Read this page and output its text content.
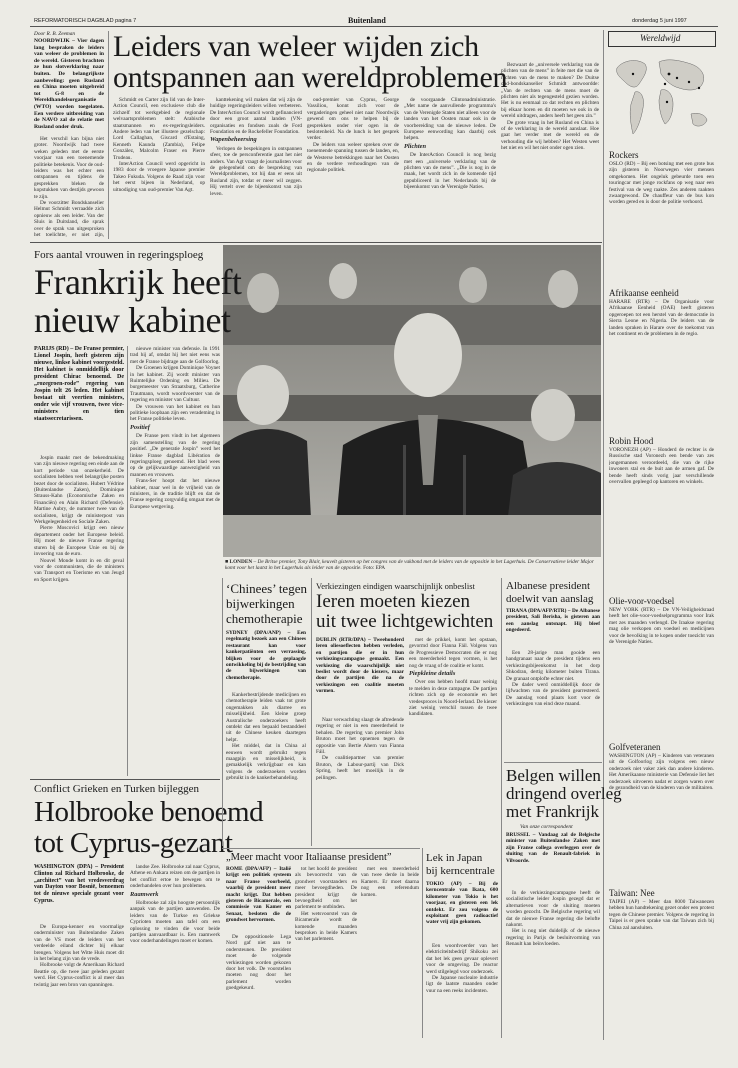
REFORMATORISCH DAGBLAD pagina 7	Buitenland	donderdag 5 juni 1997
Door R. B. Zeeman
NOORDWIJK – Vier dagen lang bespraken de leiders van weleer de problemen in de wereld. Gisteren brachten ze hun slotverklaring naar buiten. De belangrijkste aanbeveling: geen Rusland en China moeten uitgebreid tot G-8 en de Wereldhandelsorganisatie (WTO) worden toegelaten. Een verdere uitbreiding van de NAVO zal de relatie met Rusland onder druk.

Het verschil kan bijna niet groter. Noordwijk had twee weken geleden met de eerste voorjaar van een toenemende politieke betekenis. Voor de oud-leiders was het echter een ontspannen en tijdens de gesprekken bleken de kopstukken van destijds gewoon te zijn.

De voorzitter Bondskanselier Helmut Schmidt verraadde zich opnieuw als een leider. Van der Sluis in Duitsland, die sprak over de sprak van uitgesproken het toelichtte, er niet zijn,

Leiders van weleer wijden zich
ontspannen aan wereldproblemen

Schmidt en Carter zijn lid van de Inter-Action Council, een exclusieve club die zichzelf tot werkgebied de regionale welvaartsproblemen stelt: Arabische staatsmannen en ex-regeringsleiders. Andere leden van het illustere gezelschap: Lord Callaghan, Giscard d'Estaing, Kenneth Kaunda (Zambia), Felipe González, Malcolm Fraser en Pierre Trudeau.

InterAction Council werd opgericht in 1983 door de vroegere Japanse premier Takeo Fukuda. Volgens de Raad zijn voor het eerst bijeen in Nederland, op uitnodiging van oud-premier Van Agt.

kanttekening wil maken dat wij zijn de huidige regeringsleiders willen verbeteren. De InterAction Council wordt gefinancierd door een groot aantal landen (VN-organisaties en fondsen zoals de Ford Foundation en de Rockefeller Foundation.

Wapenbeheersing

Verlopen de bespekingen in ontspannen sfeer, toe de persconferentie gaat het niet anders. Van Agt vraagt de journalisten voor de gelegenheid om de bespreking van Wereldproblemen, tot hij dan er eens uit Rusland zijn, totdat er meer wil zeggen. Hij vertelt over de bijeenkomst van zijn leven.

oud-premier van Cyprus, George Vassiliou, konnt zich voor de vergaderingen geheel niet naar Noordwijk gewend om ons te helpen bij de gesprekken onder vier ogen in de beslotenheid. Na de lunch is het gesprek verder.

De leiders van weleer spreken over de toenemende spanning tussen de landen, en, de Westerse betrekkingen naar het Oosten en de verdere verhoudingen van de regionale politiek.

de voorgaande Clintonadministratie. „Met name de aanvullende programma's van de Verenigde Staten niet alleen voor de landen van het Oosten maar ook in de voorbereiding van de nieuwe leden. De Europese eenwording kan daarbij ook helpen.

Plichten

De InterAction Council is nog bezig met een „universele verklaring van de plichten van de mens”. „Die is nog in de maak, het wordt zich in de komende tijd gepubliceerd in het Nederlands bij de bijeenkomst van de Verenigde Naties.

Bezwaart de „universele verklaring van de plichten van de mens” in feite met die van de rechten van de mens te maken? De Duitse oud-bondskanselier Schmidt antwoordde: „Van de rechten van de mens moet de plichten niet als tegengesteld gezien worden. Het is nu eenmaal zo dat rechten en plichten bij elkaar horen en dit moeten we ook in de wereld uitdragen, anders heeft het geen zin.”

De grote vraag in het Rusland en China is of de verklaring in de wereld aanslaat. Hoe gaat het verder met de wereld en de verhouding die wij hebben? Het Westen weet het niet en wil het niet onder ogen zien.

Wereldwijd
Rockers
OSLO (RD) – Bij een botsing met een grote bus zijn gisteren in Noorwegen vier mensen omgekomen. Het ongeluk gebeurde toen een touringcar met jonge rockfans op weg naar een festival van de weg raakte. Zes anderen raakten zwaargewond. De chauffeur van de bus kon worden gered en is door de politie verhoord.
Afrikaanse eenheid
HARARE (RTR) – De Organisatie voor Afrikaanse Eenheid (OAE) heeft gisteren opgeroepen tot een herstel van de democratie in Sierra Leone en Nigeria. De leiders van de landen spraken in Harare over de toekomst van het continent en de problemen in de regio.
Robin Hood
VORONEZH (AP) – Honderd de rechter is de Russische stad Voronezh een bende van zes jongemannen veroordeeld, die van de rijke inwoners stal en de buit aan de armen gaf. De bende heeft sinds vorig jaar verschillende overvallen gepleegd op kantoren en winkels.
Olie-voor-voedsel
NEW YORK (RTR) – De VN-Veiligheidsraad heeft het olie-voor-voedselprogramma voor Irak met zes maanden verlengd. De Iraakse regering mag olie verkopen om voedsel en medicijnen voor de bevolking in te kopen onder toezicht van de Verenigde Naties.
Golfveteranen
WASHINGTON (AP) – Kinderen van veteranen uit de Golfoorlog zijn volgens een nieuw onderzoek niet vaker ziek dan andere kinderen. Het Amerikaanse ministerie van Defensie liet het onderzoek uitvoeren nadat er zorgen waren over de gezondheid van de kinderen van de militairen.
Taiwan: Nee
TAIPEI (AP) – Meer dan 8000 Taiwanezen hebben hun handtekening gezet onder een protest tegen de Chinese premier. Volgens de regering in Taipei is er geen sprake van dat Taiwan zich bij China zal aansluiten.
■ LONDEN – De Britse premier, Tony Blair, keuvelt gisteren op het congres van de vakbond met de leiders van de oppositie in het Lagerhuis. De Conservatieve leider Major komt voor het laatst in het Lagerhuis als leider van de oppositie. Foto: EPA
Fors aantal vrouwen in regeringsploeg
Frankrijk heeft
nieuw kabinet
PARIJS (RD) – De Franse premier, Lionel Jospin, heeft gisteren zijn nieuwe, linkse kabinet voorgesteld. Het kabinet is onmiddellijk door president Chirac benoemd. De „rozegroen-rode” regering van Jospin telt 26 leden. Het kabinet bestaat uit veertien ministers, onder wie vijf vrouwen, twee vice-ministers en tien staatssecretarissen.

Jospin maakt met de bekendmaking van zijn nieuwe regering een einde aan de kort periode van onzekerheid. De socialisten hebben veel belangrijke posten bezet door de socialisten. Hubert Védrine (Buitenlandse Zaken), Dominique Strauss-Kahn (Economische Zaken en Financiën) en Alain Richard (Defensie). Martine Aubry, de nummer twee van de socialisten, krijgt de ministerpost van Werkgelegenheid en Sociale Zaken.

Pierre Moscovici krijgt een nieuw departement onder het Europese beleid. Hij moet de nieuwe Franse regering sturen bij de Europese Unie en bij de invoering van de euro.

Nouvel Monde komt in en dit geval voor de communisten, die de ministers van Transport en Toerisme en van Jeugd en Sport krijgen.

nieuwe minister van defensie. In 1991 trad hij af, omdat hij het niet eens was met de Franse bijdrage aan de Golfoorlog.

De Groenen krijgen Dominique Voynet in het kabinet. Zij wordt minister van Ruimtelijke Ordening en Milieu. De burgemeester van Straatsburg, Catherine Trautmann, wordt woordvoerster van de regering en minister van Cultuur.

De vrouwen van het kabinet en hun politieke loopbaan zijn een verademing in het Franse politieke leven.

Positief

De Franse pers vindt in het algemeen zijn samenstelling van de regering positief. „De generatie Jospin” werd het linkse Franse dagblad Libération de regeringsploeg genoemd. Het blad wees op de gelijkwaardige aanwezigheid van mannen en vrouwen.

Frans-Ser hoopt dat het nieuwe kabinet, maar wel in de vrijheid van de ministers, in de traditie blijft en dat de Franse regering zorgvuldig omgaat met de Europese wetgeving.

Conflict Grieken en Turken bijleggen
Holbrooke benoemd
tot Cyprus-gezant
WASHINGTON (DPA) – President Clinton zal Richard Holbrooke, de „architect” van het vredesverdrag van Dayton voor Bosnië, benoemen tot de nieuwe speciale gezant voor Cyprus.

De Europa-kenner en voormalige onderminister van Buitenlandse Zaken van de VS moet de leiders van het verdeelde eiland dichter bij elkaar brengen. Volgens het Witte Huis moet dit in het belang zijn van de vrede.

Holbrooke volgt de Amerikaan Richard Beattie op, die twee jaar geleden gezant werd. Het Cyprus-conflict is al meer dan twintig jaar een bron van spanningen.

landse Zee. Holbrooke zal naar Cyprus, Athene en Ankara reizen om de partijen in het conflict ertoe te bewegen om te onderhandelen over hun problemen.

Raamwerk

Holbrooke zal zijn hoogste persoonlijk aanpak van de partijen aanwenden. De leiders van de Turkse en Griekse Cyprioten moeten aan tafel om een oplossing te vinden die voor beide partijen aanvaardbaar is. Een raamwerk voor onderhandelingen moet er komen.

‘Chinees’ tegen
bijwerkingen
chemotherapie
SYDNEY (DPA/ANP) – Een regelmatig bezoek aan een Chinees restaurant kan voor kankerpatiënten een verrassing, blijken voor de geplaagde ontwikkeling bij de bestrijding van de bijwerkingen van chemotherapie.

Kankerbestrijdende medicijnen en chemotherapie leiden vaak tot grote ongemakken als diarree en misselijkheid. Een kleine groep Australische onderzoekers heeft ontdekt dat een bepaald bestanddeel uit de Chinese keuken daartegen helpt.

Het middel, dat in China al eeuwen wordt gebruikt tegen maagpijn en misselijkheid, is gemakkelijk verkrijgbaar en kan volgens de onderzoekers worden gebruikt in de kankerbehandeling.

Verkiezingen eindigen waarschijnlijk onbeslist
Ieren moeten kiezen
uit twee lichtgewichten
DUBLIN (RTR/DPA) – Tweehonderd leren oliesoeflecten hebben verleden, en partijen die er in hun verkiezingscampagne gemaakt. Een verkiezing die waarschijnlijk niet beslist wordt door de kiezers, maar door de partijen die na de verkiezingen een coalitie moeten vormen.

Naar verwachting slaagt de aftredende regering er niet in een meerderheid te behalen. De regering van premier John Bruton moet het opnemen tegen de oppositie van Bertie Ahern van Fianna Fáil.

De coalitiepartner van premier Bruton, de Labour-partij van Dick Spring, heeft het moeilijk in de peilingen.

met de prikkel, komt het opstaan, gevormd door Fianna Fáil. Volgens van de Progressieve Democraten die er nog een meerderheid tegen vormen, is het nog de vraag of de coalitie er komt.

Piepkleine details

Over ons hebben hoofd maar weinig te melden in deze campagne. De partijen richten zich op de economie en het vredesproces in Noord-Ierland. De kiezer ziet weinig verschil tussen de twee kandidaten.

Albanese president
doelwit van aanslag
TIRANA (DPA/AFP/RTR) – De Albanese president, Sali Berisha, is gisteren aan een aanslag ontsnapt. Hij bleef ongedeerd.

Een 28-jarige man gooide een handgranaat naar de president tijdens een verkiezingsbijeenkomst in het dorp Shkodran, dertig kilometer buiten Tirana. De granaat ontplofte echter niet.

De dader werd onmiddellijk door de lijfwachten van de president gearresteerd. De aanslag vond plaats kort voor de verkiezingen van eind deze maand.

Belgen willen
dringend overleg
met Frankrijk
Van onze correspondent
BRUSSEL – Vandaag zal de Belgische minister van Buitenlandse Zaken met zijn Franse collega overleggen over de sluiting van de Renault-fabriek in Vilvoorde.

In de verkiezingscampagne heeft de socialistische leider Jospin gezegd dat er alternatieven voor de sluiting moeten worden gezocht. De Belgische regering wil dat de nieuwe Franse regering die belofte nakomt.

Het is nog niet duidelijk of de nieuwe regering in Parijs de besluitvorming van Renault kan beïnvloeden.

„Meer macht voor Italiaanse president”
ROME (DPA/AFP) – Italië krijgt een politiek systeem naar Franse voorbeeld, waarbij de president meer macht krijgt. Dat hebben gisteren de Bicamerale, een commissie van Kamer en Senaat, besloten die de grondwet hervormen.

De oppositionele Lega Nord gaf niet aan te ondersteunen. De president moet de volgende verkiezingen worden gekozen door het volk. De voorstellen moeten nog door het parlement worden goedgekeurd.

tot het hoofd de president als bevoorrecht van de grondwet voorstanders en meer bevoegdheden. De president krijgt de bevoegdheid om het parlement te ontbinden.

Het wetsvoorstel van de Bicamerale wordt de komende maanden besproken in beide Kamers van het parlement.

met een meerderheid van twee derde in beide Kamers. Er moet daarna nog een referendum komen.

Lek in Japan
bij kerncentrale
TOKIO (AP) – Bij de kerncentrale van Ikata, 600 kilometer van Tokio is het voorjaar, en gisteren een lek ontdekt. Er zou volgens de exploitant geen radioactief water vrij zijn gekomen.

Een woordvoerder van het elektriciteitsbedrijf Shikoku zei dat het lek geen gevaar oplevert voor de omgeving. De reactor werd stilgelegd voor onderzoek.

De Japanse nucleaire industrie ligt de laatste maanden onder vuur na een reeks incidenten.
